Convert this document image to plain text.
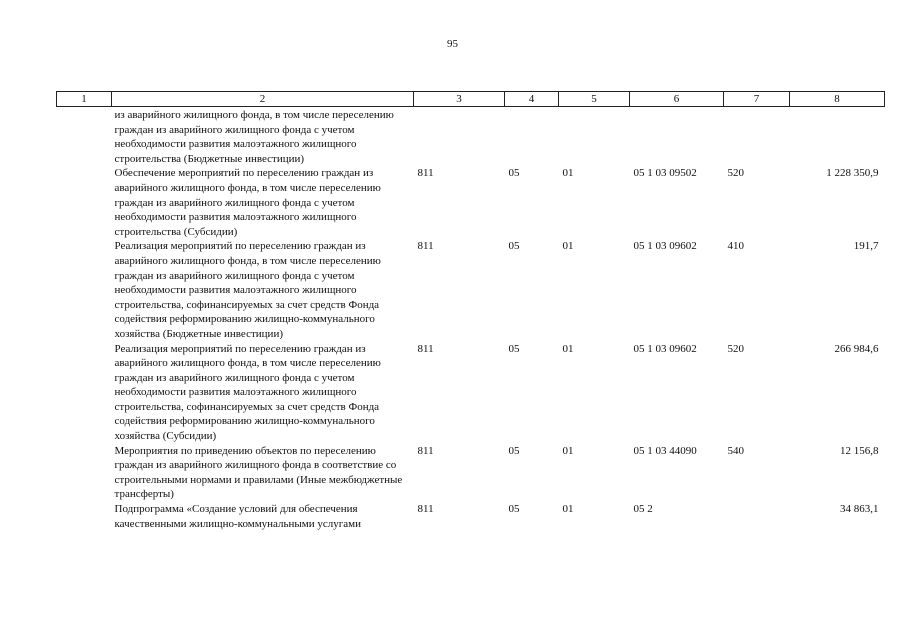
95
1	2	3	4	5	6	7	8
	из аварийного жилищного фонда, в том числе переселению граждан из аварийного жилищного фонда с учетом необходимости развития малоэтажного жилищного строительства (Бюджетные инвестиции)						
	Обеспечение мероприятий по переселению граждан из аварийного жилищного фонда, в том числе переселению граждан из аварийного жилищного фонда с учетом необходимости развития малоэтажного жилищного строительства (Субсидии)	811	05	01	05 1 03 09502	520	1 228 350,9
	Реализация мероприятий по переселению граждан из аварийного жилищного фонда, в том числе переселению граждан из аварийного жилищного фонда с учетом необходимости развития малоэтажного жилищного строительства, софинансируемых за счет средств Фонда содействия реформированию жилищно-коммунального хозяйства (Бюджетные инвестиции)	811	05	01	05 1 03 09602	410	191,7
	Реализация мероприятий по переселению граждан из аварийного жилищного фонда, в том числе переселению граждан из аварийного жилищного фонда с учетом необходимости развития малоэтажного жилищного строительства, софинансируемых за счет средств Фонда содействия реформированию жилищно-коммунального хозяйства (Субсидии)	811	05	01	05 1 03 09602	520	266 984,6
	Мероприятия по приведению объектов по переселению граждан из аварийного жилищного фонда в соответствие со строительными нормами и правилами (Иные межбюджетные трансферты)	811	05	01	05 1 03 44090	540	12 156,8
	Подпрограмма «Создание условий для обеспечения качественными жилищно-коммунальными услугами	811	05	01	05 2		34 863,1
